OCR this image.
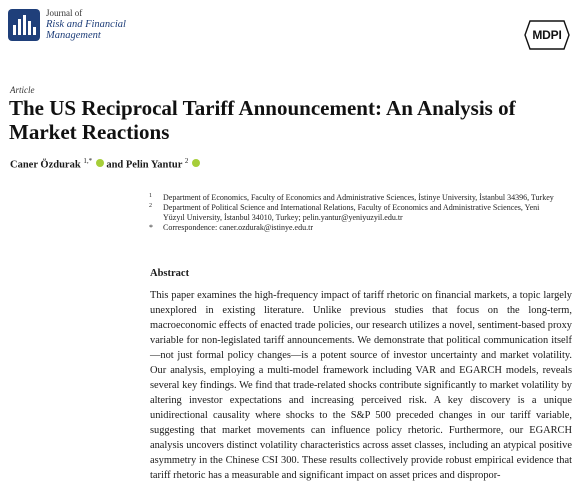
Journal of
Risk and Financial
Management	MDPI
Article
The US Reciprocal Tariff Announcement: An Analysis of Market Reactions
Caner Özdurak $^{1,*}$ and Pelin Yantur $^2$
1 Department of Economics, Faculty of Economics and Administrative Sciences, İstinye University, İstanbul 34396, Turkey
2 Department of Political Science and International Relations, Faculty of Economics and Administrative Sciences, Yeni Yüzyıl University, İstanbul 34010, Turkey; pelin.yantur@yeniyuzyil.edu.tr
* Correspondence: caner.ozdurak@istinye.edu.tr
Abstract

This paper examines the high-frequency impact of tariff rhetoric on financial markets, a topic largely unexplored in existing literature. Unlike previous studies that focus on the long-term, macroeconomic effects of enacted trade policies, our research utilizes a novel, sentiment-based proxy variable for non-legislated tariff announcements. We demonstrate that political communication itself—not just formal policy changes—is a potent source of investor uncertainty and market volatility. Our analysis, employing a multi-model framework including VAR and EGARCH models, reveals several key findings. We find that trade-related shocks contribute significantly to market volatility by altering investor expectations and increasing perceived risk. A key discovery is a unique unidirectional causality where shocks to the S&P 500 preceded changes in our tariff variable, suggesting that market movements can influence policy rhetoric. Furthermore, our EGARCH analysis uncovers distinct volatility characteristics across asset classes, including an atypical positive asymmetry in the Chinese CSI 300. These results collectively provide robust empirical evidence that tariff rhetoric has a measurable and significant impact on asset prices and dispropor-
